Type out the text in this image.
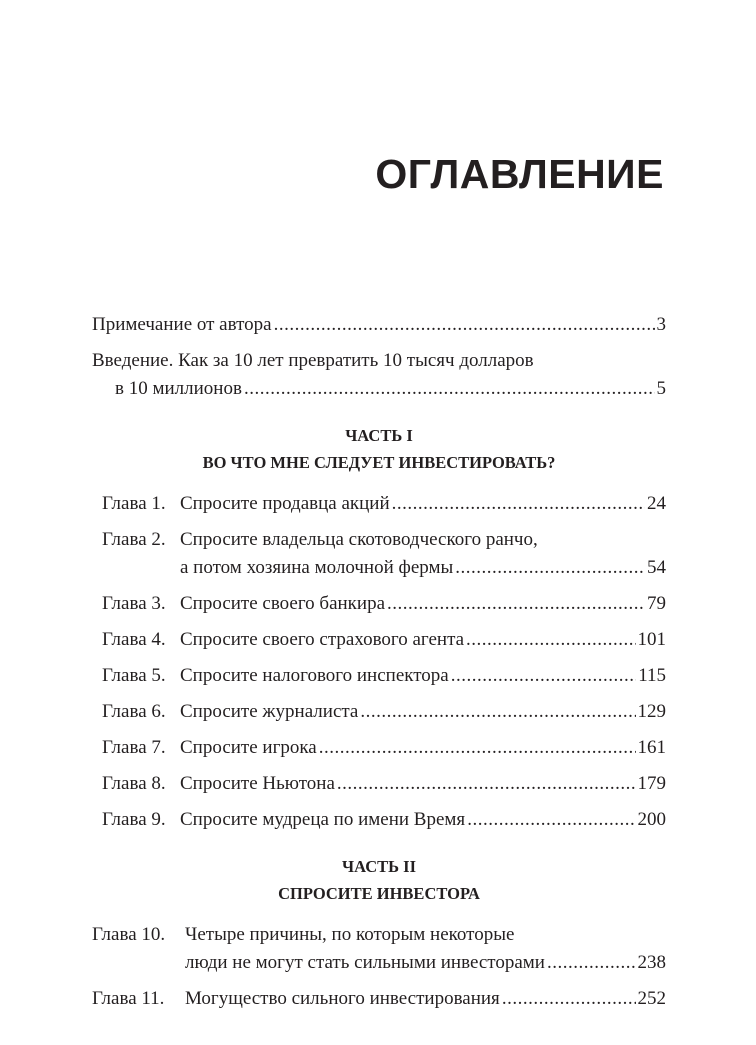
ОГЛАВЛЕНИЕ
Примечание от автора .....	3
Введение. Как за 10 лет превратить 10 тысяч долларов
в 10 миллионов .....	5
ЧАСТЬ I
ВО ЧТО МНЕ СЛЕДУЕТ ИНВЕСТИРОВАТЬ?
Глава 1. Спросите продавца акций .....	24
Глава 2. Спросите владельца скотоводческого ранчо,
а потом хозяина молочной фермы .....	54
Глава 3. Спросите своего банкира .....	79
Глава 4. Спросите своего страхового агента .....	101
Глава 5. Спросите налогового инспектора .....	115
Глава 6. Спросите журналиста .....	129
Глава 7. Спросите игрока .....	161
Глава 8. Спросите Ньютона .....	179
Глава 9. Спросите мудреца по имени Время .....	200
ЧАСТЬ II
СПРОСИТЕ ИНВЕСТОРА
Глава 10.	Четыре причины, по которым некоторые
люди не могут стать сильными инвесторами .....	238
Глава 11.	Могущество сильного инвестирования .....	252
